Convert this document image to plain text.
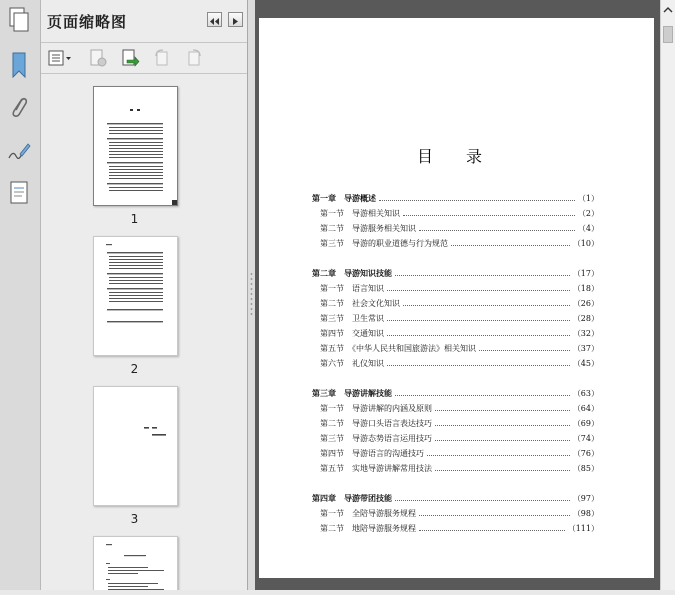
页面缩略图
1
2
3
目 录
第一章　导游概述	（1）
第一节　导游相关知识	（2）
第二节　导游服务相关知识	（4）
第三节　导游的职业道德与行为规范	（10）
第二章　导游知识技能	（17）
第一节　语言知识	（18）
第二节　社会文化知识	（26）
第三节　卫生常识	（28）
第四节　交通知识	（32）
第五节　《中华人民共和国旅游法》相关知识	（37）
第六节　礼仪知识	（45）
第三章　导游讲解技能	（63）
第一节　导游讲解的内涵及原则	（64）
第二节　导游口头语言表达技巧	（69）
第三节　导游态势语言运用技巧	（74）
第四节　导游语言的沟通技巧	（76）
第五节　实地导游讲解常用技法	（85）
第四章　导游带团技能	（97）
第一节　全陪导游服务规程	（98）
第二节　地陪导游服务规程	（111）
